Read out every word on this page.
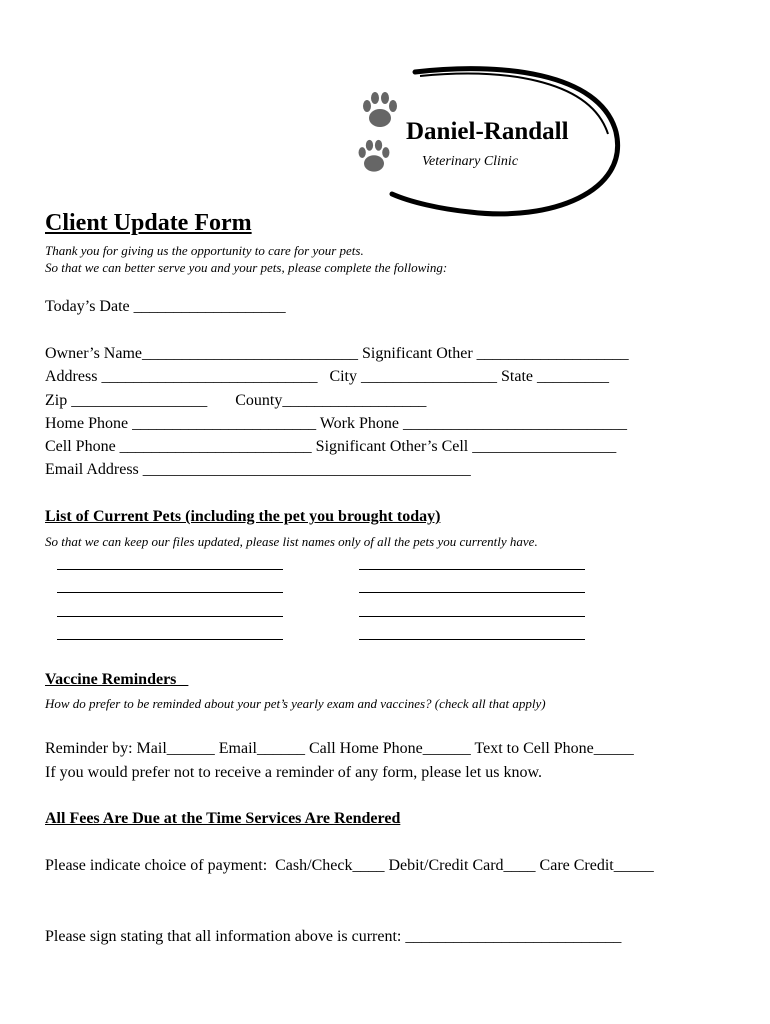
Daniel-Randall
Veterinary Clinic
Client Update Form
Thank you for giving us the opportunity to care for your pets.
So that we can better serve you and your pets, please complete the following:
Today’s Date ___________________
Owner’s Name___________________________ Significant Other ___________________
Address ___________________________   City _________________ State _________
Zip _________________       County__________________
Home Phone _______________________ Work Phone ____________________________
Cell Phone ________________________ Significant Other’s Cell __________________
Email Address _________________________________________
List of Current Pets (including the pet you brought today)
So that we can keep our files updated, please list names only of all the pets you currently have.
Vaccine Reminders
How do prefer to be reminded about your pet’s yearly exam and vaccines? (check all that apply)
Reminder by: Mail______ Email______ Call Home Phone______ Text to Cell Phone_____
If you would prefer not to receive a reminder of any form, please let us know.
All Fees Are Due at the Time Services Are Rendered
Please indicate choice of payment:  Cash/Check____ Debit/Credit Card____ Care Credit_____
Please sign stating that all information above is current: ___________________________
